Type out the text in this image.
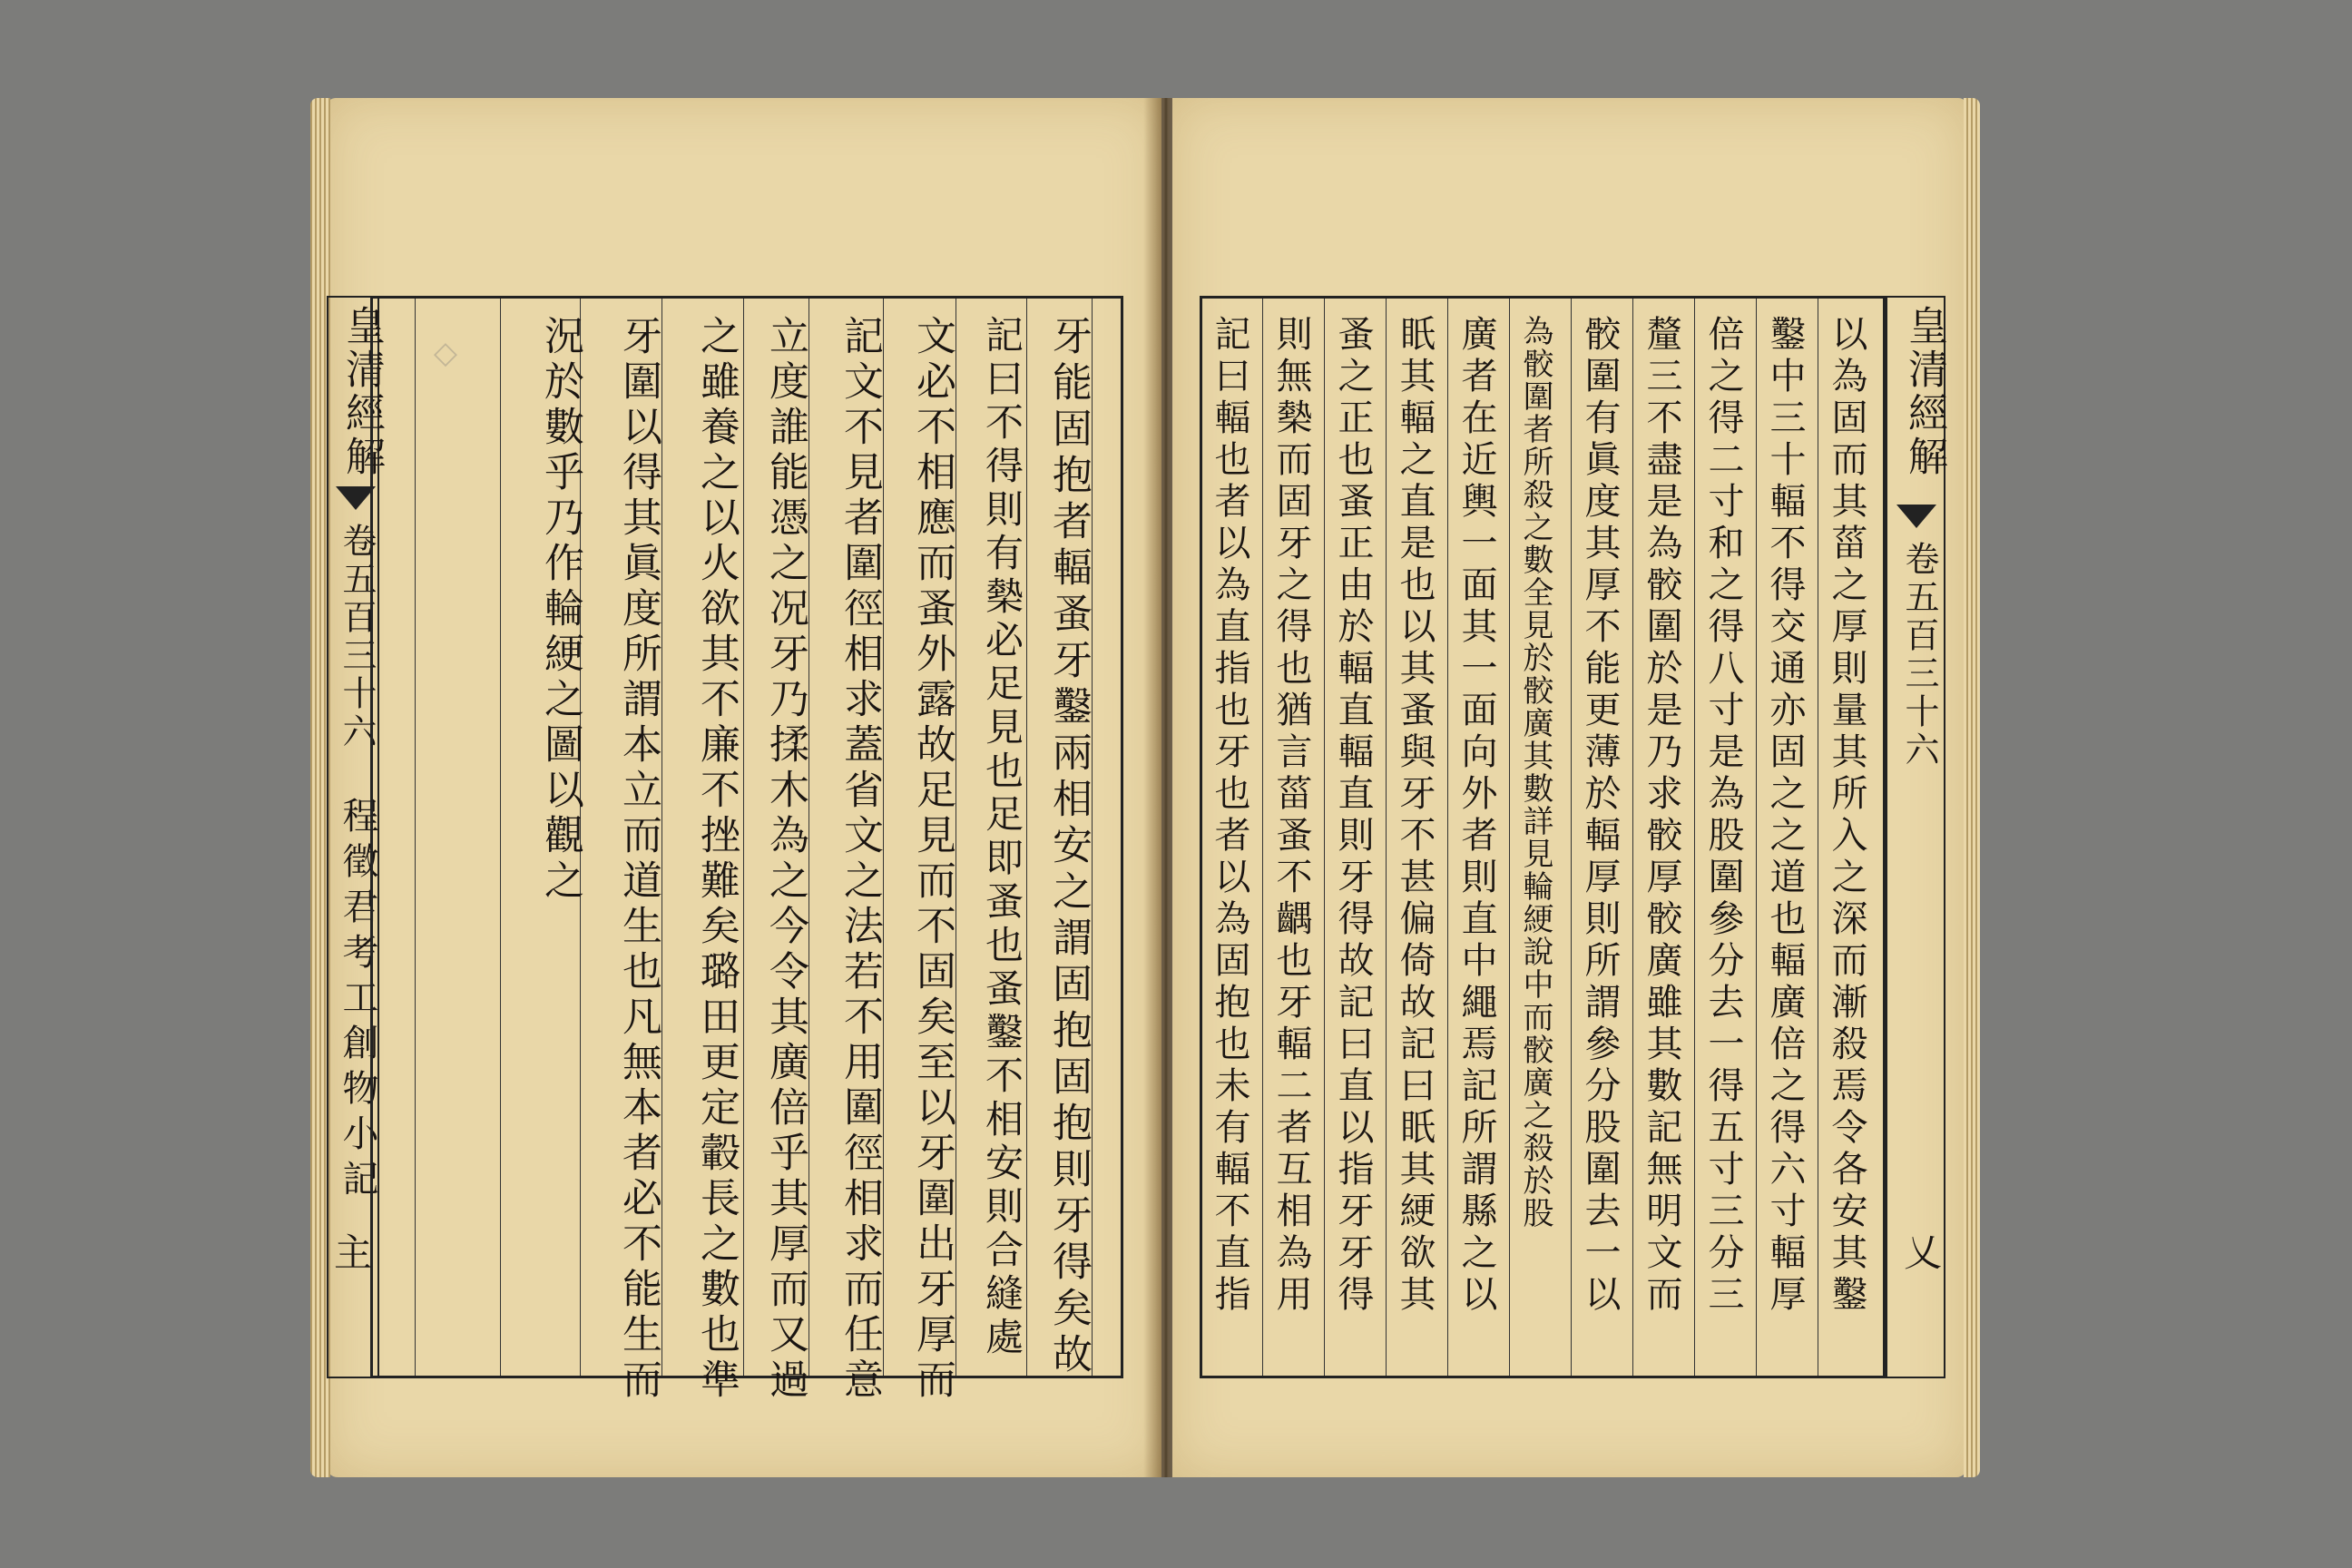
皇清經解
卷五百三十六
程徵君考工創物小記
主
◇	牙能固抱者輻蚤牙鑿兩相安之謂固抱固抱則牙得矣故
記曰不得則有槷必足見也足即蚤也蚤鑿不相安則合縫處
文必不相應而蚤外露故足見而不固矣至以牙圍出牙厚而
記文不見者圍徑相求蓋省文之法若不用圍徑相求而任意
立度誰能憑之况牙乃揉木為之今令其廣倍乎其厚而又過
之雖養之以火欲其不廉不挫難矣璐田更定轂長之數也準
牙圍以得其眞度所謂本立而道生也凡無本者必不能生而
況於數乎乃作輪綆之圖以觀之	以為固而其菑之厚則量其所入之深而漸殺焉令各安其鑿
鑿中三十輻不得交通亦固之之道也輻廣倍之得六寸輻厚
倍之得二寸和之得八寸是為股圍參分去一得五寸三分三
釐三不盡是為骹圍於是乃求骹厚骹廣雖其數記無明文而
骹圍有眞度其厚不能更薄於輻厚則所謂參分股圍去一以
為骹圍者所殺之數全見於骹廣其數詳見輪綆說中而骹廣之殺於股
廣者在近輿一面其一面向外者則直中繩焉記所謂縣之以
眂其輻之直是也以其蚤與牙不甚偏倚故記曰眂其綆欲其
蚤之正也蚤正由於輻直輻直則牙得故記曰直以指牙牙得
則無槷而固牙之得也猶言菑蚤不齵也牙輻二者互相為用
記曰輻也者以為直指也牙也者以為固抱也未有輻不直指	皇清經解
卷五百三十六
乂
